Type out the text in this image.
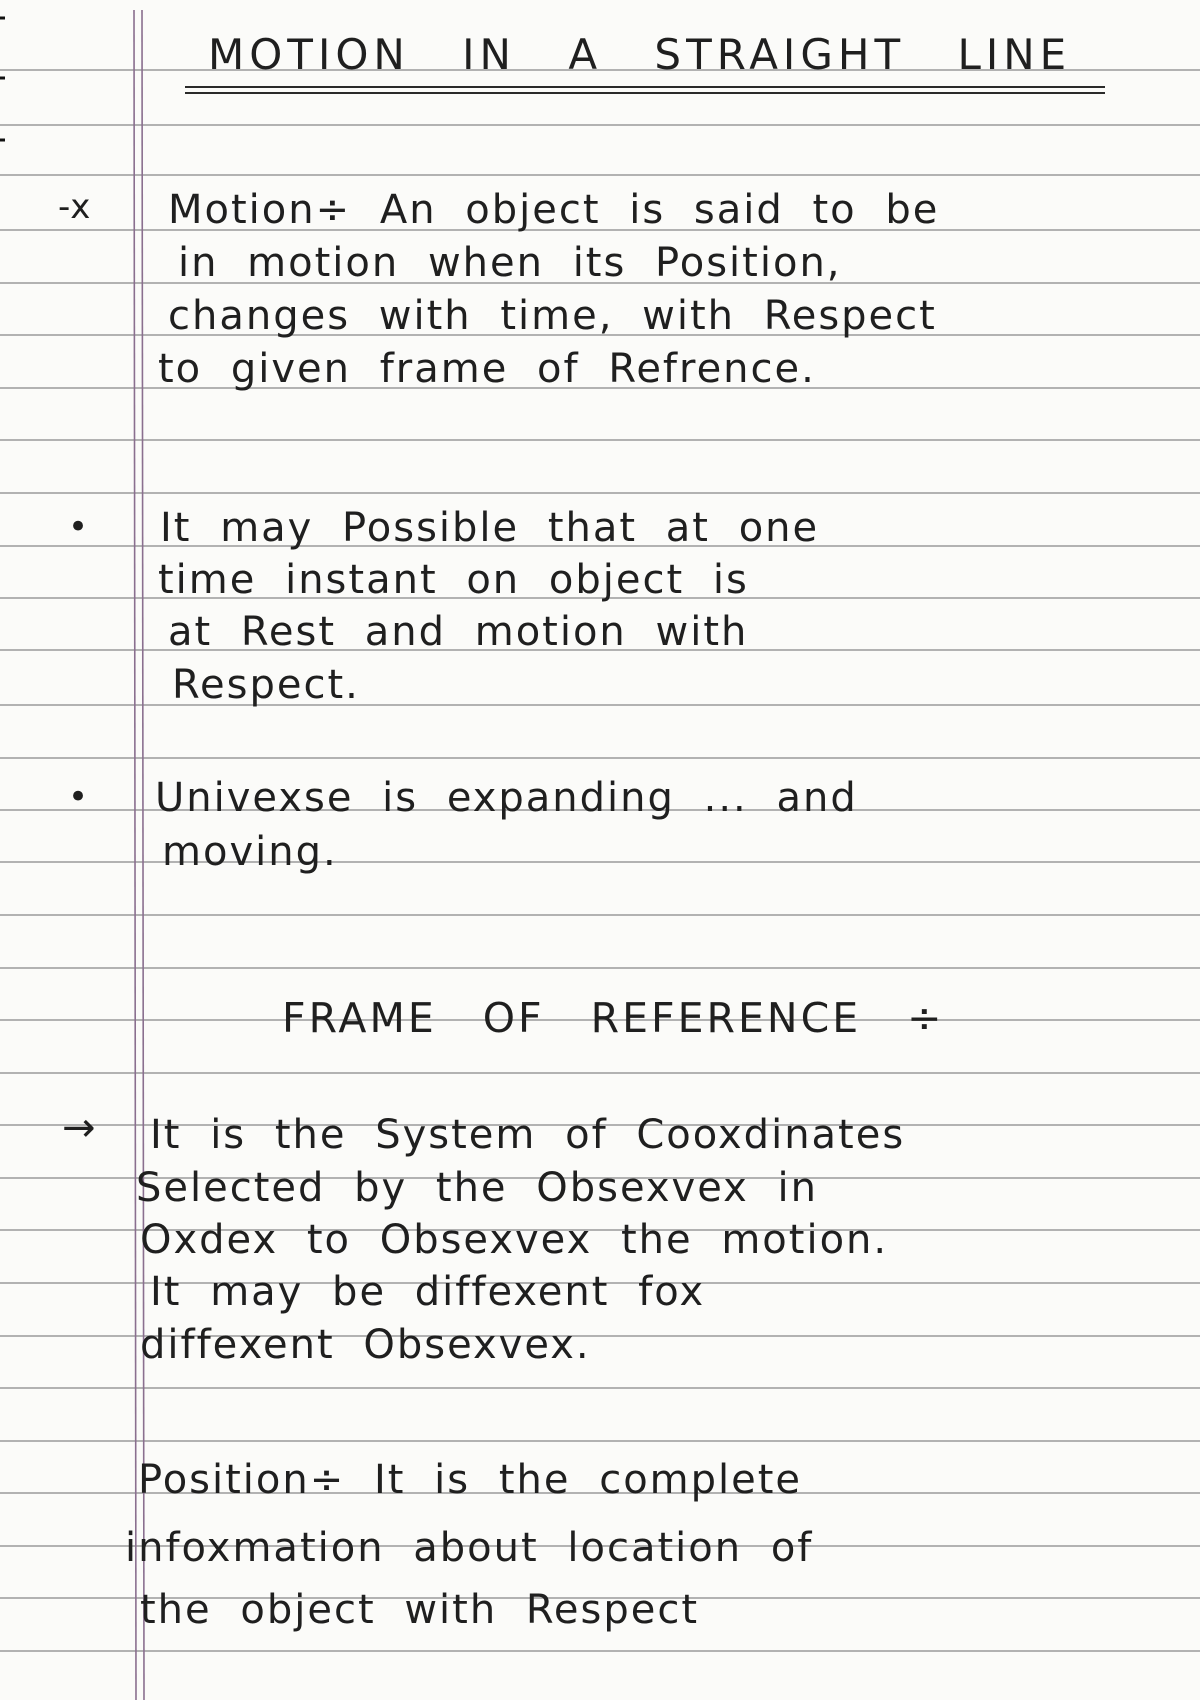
MOTION IN A STRAIGHT LINE
-x Motion÷ An object is said to be
in motion when its Position,
changes with time, with Respect
to given frame of Refrence.
• It may Possible that at one
time instant on object is
at Rest and motion with
Respect.
• Univexse is expanding ... and
moving.
FRAME OF REFERENCE ÷
→ It is the System of Cooxdinates
Selected by the Obsexvex in
Oxdex to Obsexvex the motion.
It may be diffexent fox
diffexent Obsexvex.
Position÷ It is the complete
infoxmation about location of
the object with Respect
